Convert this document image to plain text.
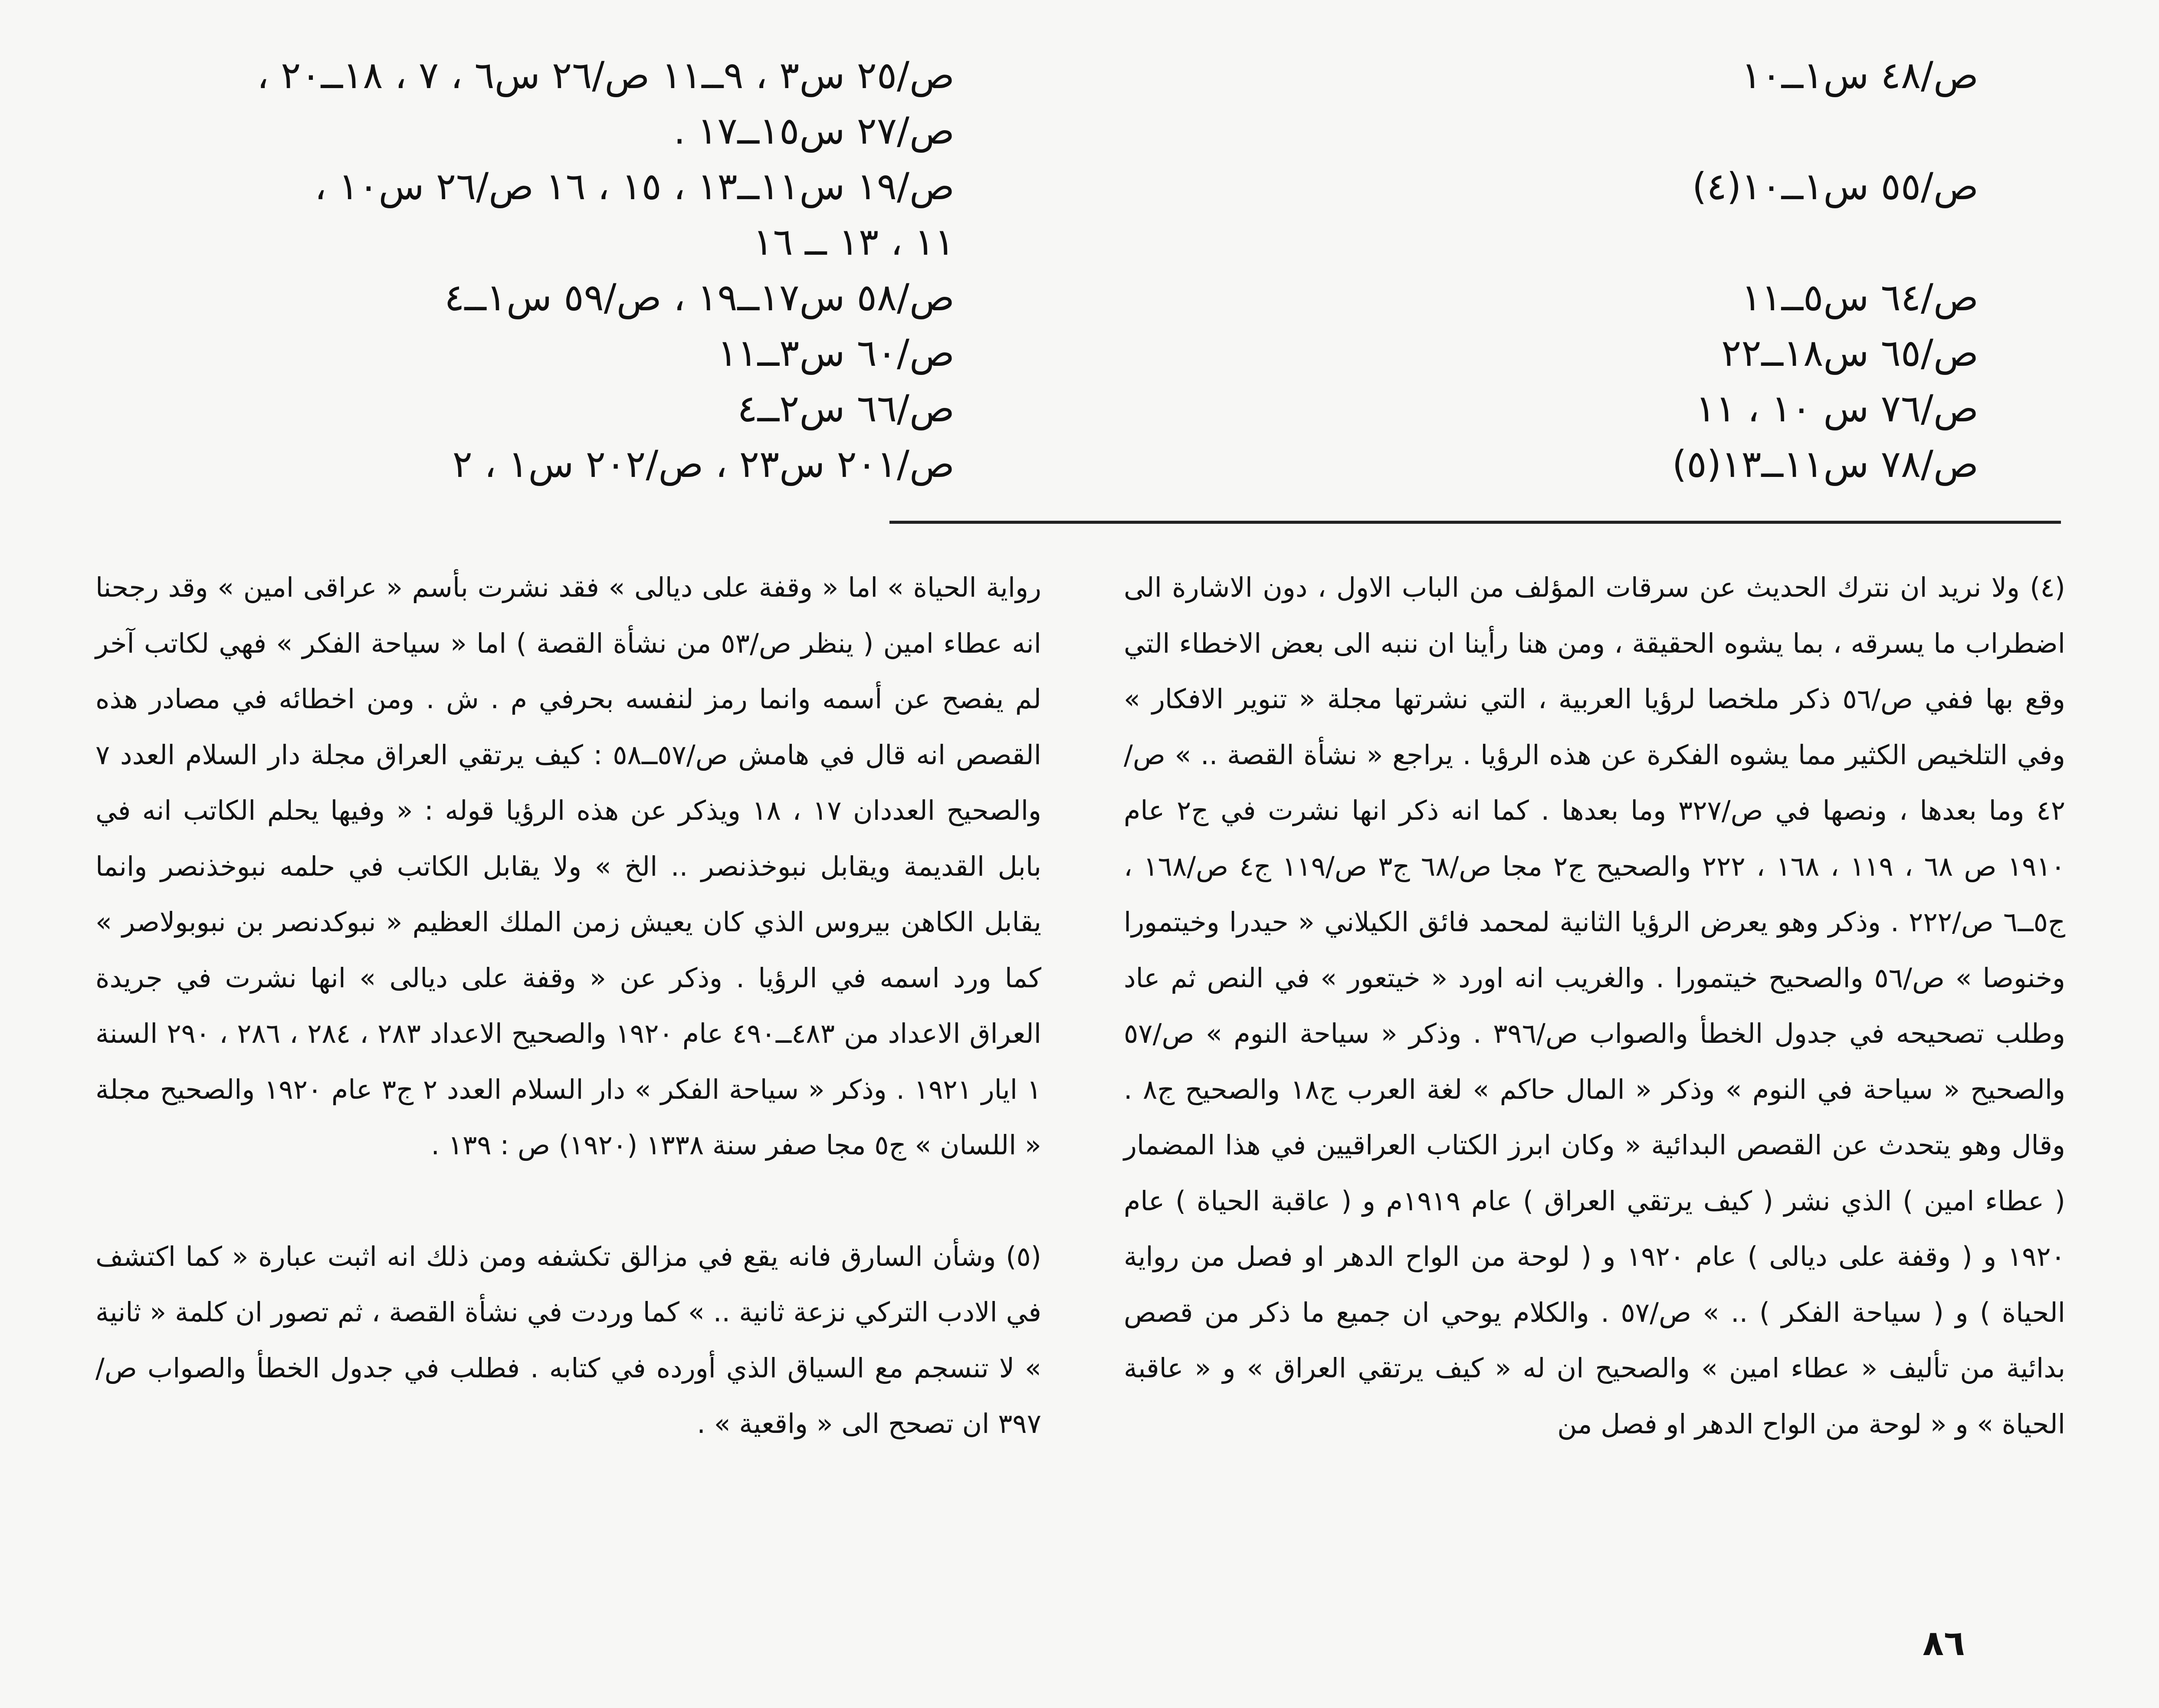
ص/٤٨ س١ــ١٠
ص/٥٥ س١ــ١٠(٤)
ص/٦٤ س٥ــ١١
ص/٦٥ س١٨ــ٢٢
ص/٧٦ س ١٠ ، ١١
ص/٧٨ س١١ــ١٣(٥)
ص/٢٥ س٣ ، ٩ــ١١ ص/٢٦ س٦ ، ٧ ، ١٨ــ٢٠ ،
ص/٢٧ س١٥ــ١٧ .
ص/١٩ س١١ــ١٣ ، ١٥ ، ١٦ ص/٢٦ س١٠ ،
١١ ، ١٣ ــ ١٦
ص/٥٨ س١٧ــ١٩ ، ص/٥٩ س١ــ٤
ص/٦٠ س٣ــ١١
ص/٦٦ س٢ــ٤
ص/٢٠١ س٢٣ ، ص/٢٠٢ س١ ، ٢

(٤) ولا نريد ان نترك الحديث عن سرقات المؤلف من الباب الاول ، دون الاشارة الى اضطراب ما يسرقه ، بما يشوه الحقيقة ، ومن هنا رأينا ان ننبه الى بعض الاخطاء التي وقع بها ففي ص/٥٦ ذكر ملخصا لرؤيا العربية ، التي نشرتها مجلة « تنوير الافكار » وفي التلخيص الكثير مما يشوه الفكرة عن هذه الرؤيا . يراجع « نشأة القصة .. » ص/٤٢ وما بعدها ، ونصها في ص/٣٢٧ وما بعدها . كما انه ذكر انها نشرت في ج٢ عام ١٩١٠ ص ٦٨ ، ١١٩ ، ١٦٨ ، ٢٢٢ والصحيح ج٢ مجا ص/٦٨ ج٣ ص/١١٩ ج٤ ص/١٦٨ ، ج٥ــ٦ ص/٢٢٢ . وذكر وهو يعرض الرؤيا الثانية لمحمد فائق الكيلاني « حيدرا وخيتمورا وخنوصا » ص/٥٦ والصحيح خيتمورا . والغريب انه اورد « خيتعور » في النص ثم عاد وطلب تصحيحه في جدول الخطأ والصواب ص/٣٩٦ . وذكر « سياحة النوم » ص/٥٧ والصحيح « سياحة في النوم » وذكر « المال حاكم » لغة العرب ج١٨ والصحيح ج٨ . وقال وهو يتحدث عن القصص البدائية « وكان ابرز الكتاب العراقيين في هذا المضمار ( عطاء امين ) الذي نشر ( كيف يرتقي العراق ) عام ١٩١٩م و ( عاقبة الحياة ) عام ١٩٢٠ و ( وقفة على ديالى ) عام ١٩٢٠ و ( لوحة من الواح الدهر او فصل من رواية الحياة ) و ( سياحة الفكر ) .. » ص/٥٧ . والكلام يوحي ان جميع ما ذكر من قصص بدائية من تأليف « عطاء امين » والصحيح ان له « كيف يرتقي العراق » و « عاقبة الحياة » و « لوحة من الواح الدهر او فصل من

رواية الحياة » اما « وقفة على ديالى » فقد نشرت بأسم « عراقى امين » وقد رجحنا انه عطاء امين ( ينظر ص/٥٣ من نشأة القصة ) اما « سياحة الفكر » فهي لكاتب آخر لم يفصح عن أسمه وانما رمز لنفسه بحرفي م . ش . ومن اخطائه في مصادر هذه القصص انه قال في هامش ص/٥٧ــ٥٨ : كيف يرتقي العراق مجلة دار السلام العدد ٧ والصحيح العددان ١٧ ، ١٨ ويذكر عن هذه الرؤيا قوله : « وفيها يحلم الكاتب انه في بابل القديمة ويقابل نبوخذنصر .. الخ » ولا يقابل الكاتب في حلمه نبوخذنصر وانما يقابل الكاهن بيروس الذي كان يعيش زمن الملك العظيم « نبوكدنصر بن نبوبولاصر » كما ورد اسمه في الرؤيا . وذكر عن « وقفة على ديالى » انها نشرت في جريدة العراق الاعداد من ٤٨٣ــ٤٩٠ عام ١٩٢٠ والصحيح الاعداد ٢٨٣ ، ٢٨٤ ، ٢٨٦ ، ٢٩٠ السنة ١ ايار ١٩٢١ . وذكر « سياحة الفكر » دار السلام العدد ٢ ج٣ عام ١٩٢٠ والصحيح مجلة « اللسان » ج٥ مجا صفر سنة ١٣٣٨ (١٩٢٠) ص : ١٣٩ .

(٥) وشأن السارق فانه يقع في مزالق تكشفه ومن ذلك انه اثبت عبارة « كما اكتشف في الادب التركي نزعة ثانية .. » كما وردت في نشأة القصة ، ثم تصور ان كلمة « ثانية » لا تنسجم مع السياق الذي أورده في كتابه . فطلب في جدول الخطأ والصواب ص/٣٩٧ ان تصحح الى « واقعية » .

٨٦
